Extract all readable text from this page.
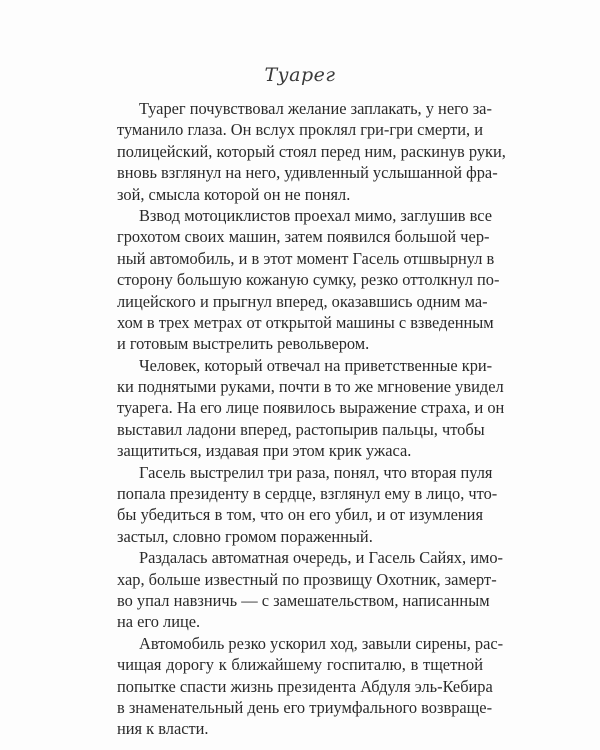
Туарег

Туарег почувствовал желание заплакать, у него за-
туманило глаза. Он вслух проклял гри-гри смерти, и
полицейский, который стоял перед ним, раскинув руки,
вновь взглянул на него, удивленный услышанной фра-
зой, смысла которой он не понял.

Взвод мотоциклистов проехал мимо, заглушив все
грохотом своих машин, затем появился большой чер-
ный автомобиль, и в этот момент Гасель отшвырнул в
сторону большую кожаную сумку, резко оттолкнул по-
лицейского и прыгнул вперед, оказавшись одним ма-
хом в трех метрах от открытой машины с взведенным
и готовым выстрелить револьвером.

Человек, который отвечал на приветственные кри-
ки поднятыми руками, почти в то же мгновение увидел
туарега. На его лице появилось выражение страха, и он
выставил ладони вперед, растопырив пальцы, чтобы
защититься, издавая при этом крик ужаса.

Гасель выстрелил три раза, понял, что вторая пуля
попала президенту в сердце, взглянул ему в лицо, что-
бы убедиться в том, что он его убил, и от изумления
застыл, словно громом пораженный.

Раздалась автоматная очередь, и Гасель Сайях, имо-
хар, больше известный по прозвищу Охотник, замерт-
во упал навзничь — с замешательством, написанным
на его лице.

Автомобиль резко ускорил ход, завыли сирены, рас-
чищая дорогу к ближайшему госпиталю, в тщетной
попытке спасти жизнь президента Абдуля эль-Кебира
в знаменательный день его триумфального возвраще-
ния к власти.
